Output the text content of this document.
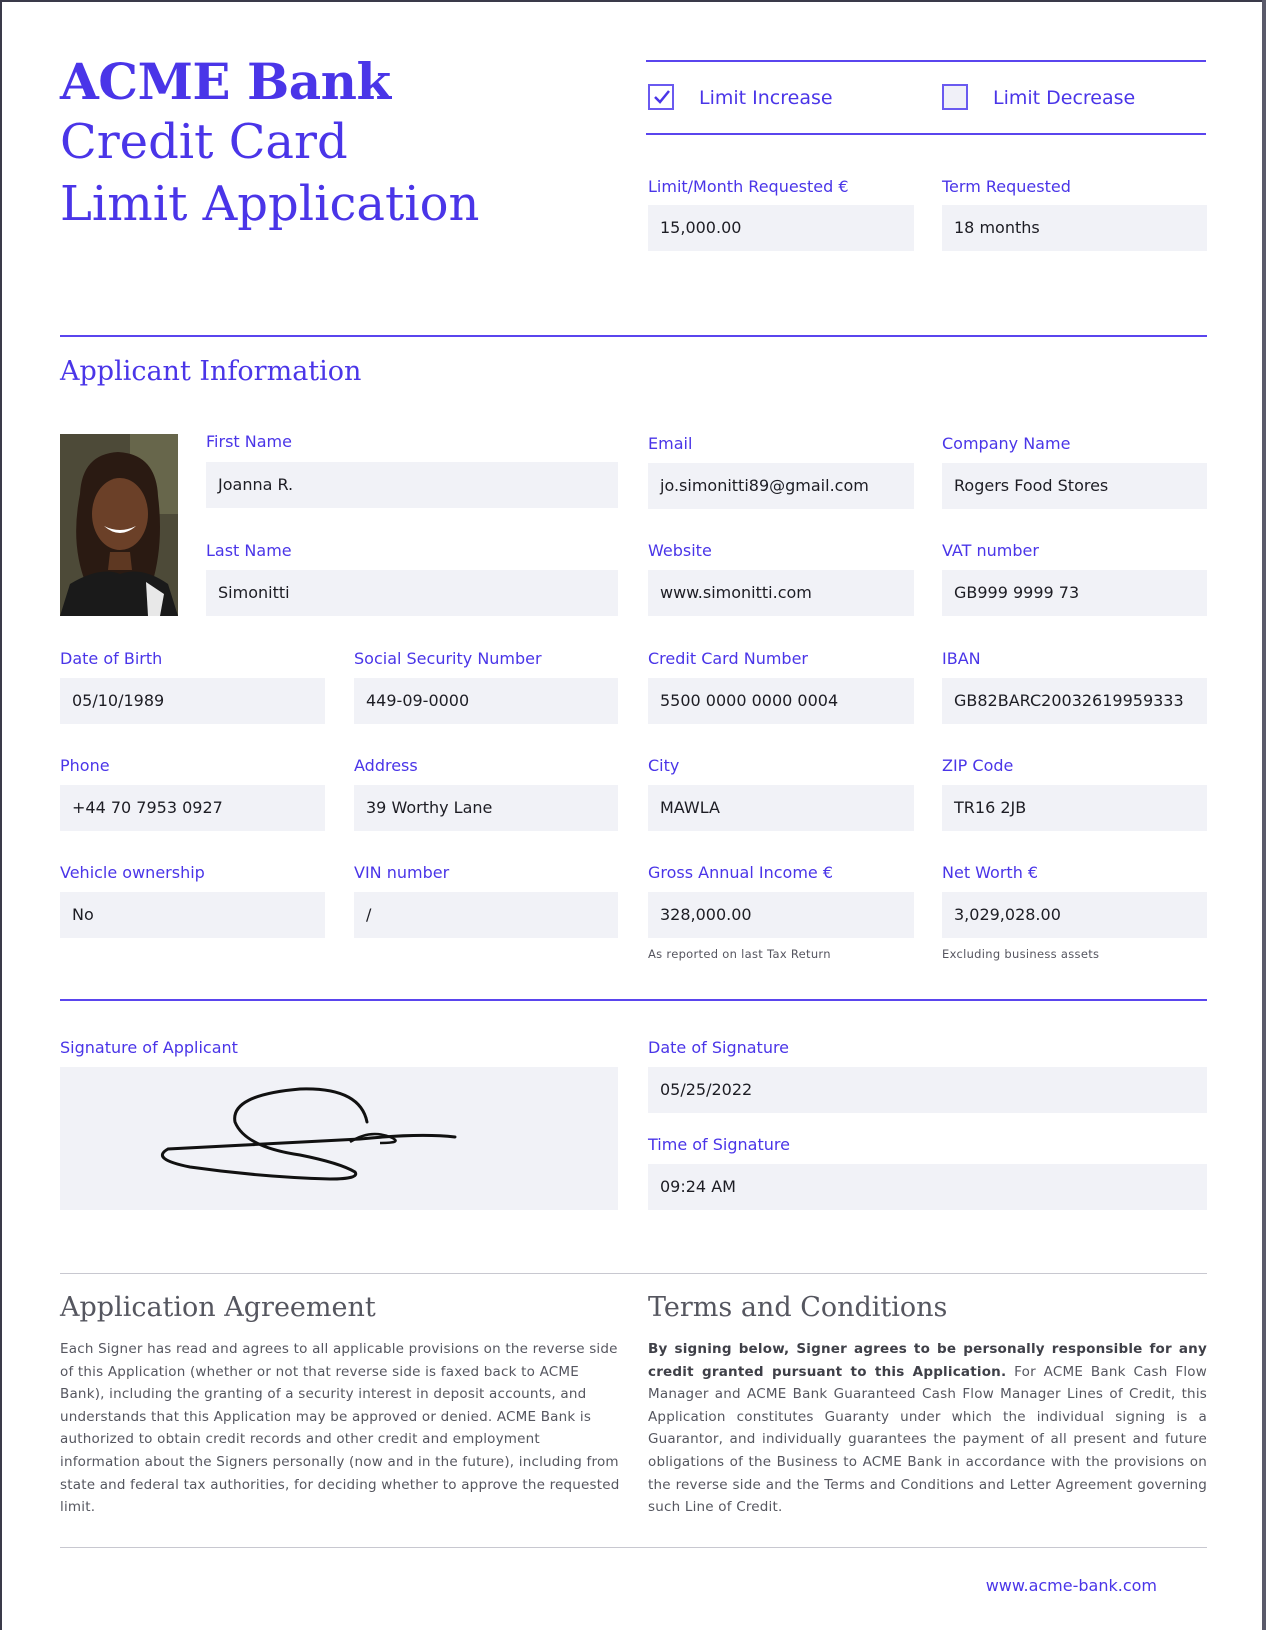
ACME Bank
Credit Card
Limit Application
Limit Increase	Limit Decrease
Limit/Month Requested €
15,000.00
Term Requested
18 months
Applicant Information
First Name
Joanna R.
Last Name
Simonitti
Email
jo.simonitti89@gmail.com
Website
www.simonitti.com
Company Name
Rogers Food Stores
VAT number
GB999 9999 73
Date of Birth
05/10/1989
Social Security Number
449-09-0000
Credit Card Number
5500 0000 0000 0004
IBAN
GB82BARC20032619959333
Phone
+44 70 7953 0927
Address
39 Worthy Lane
City
MAWLA
ZIP Code
TR16 2JB
Vehicle ownership
No
VIN number
/
Gross Annual Income €
328,000.00
As reported on last Tax Return
Net Worth €
3,029,028.00
Excluding business assets
Signature of Applicant	Date of Signature
05/25/2022
Time of Signature
09:24 AM
Application Agreement
Each Signer has read and agrees to all applicable provisions on the reverse side of this Application (whether or not that reverse side is faxed back to ACME Bank), including the granting of a security interest in deposit accounts, and understands that this Application may be approved or denied. ACME Bank is authorized to obtain credit records and other credit and employment information about the Signers personally (now and in the future), including from state and federal tax authorities, for deciding whether to approve the requested limit.
Terms and Conditions
By signing below, Signer agrees to be personally responsible for any credit granted pursuant to this Application. For ACME Bank Cash Flow Manager and ACME Bank Guaranteed Cash Flow Manager Lines of Credit, this Application constitutes Guaranty under which the individual signing is a Guarantor, and individually guarantees the payment of all present and future obligations of the Business to ACME Bank in accordance with the provisions on the reverse side and the Terms and Conditions and Letter Agreement governing such Line of Credit.
www.acme-bank.com
